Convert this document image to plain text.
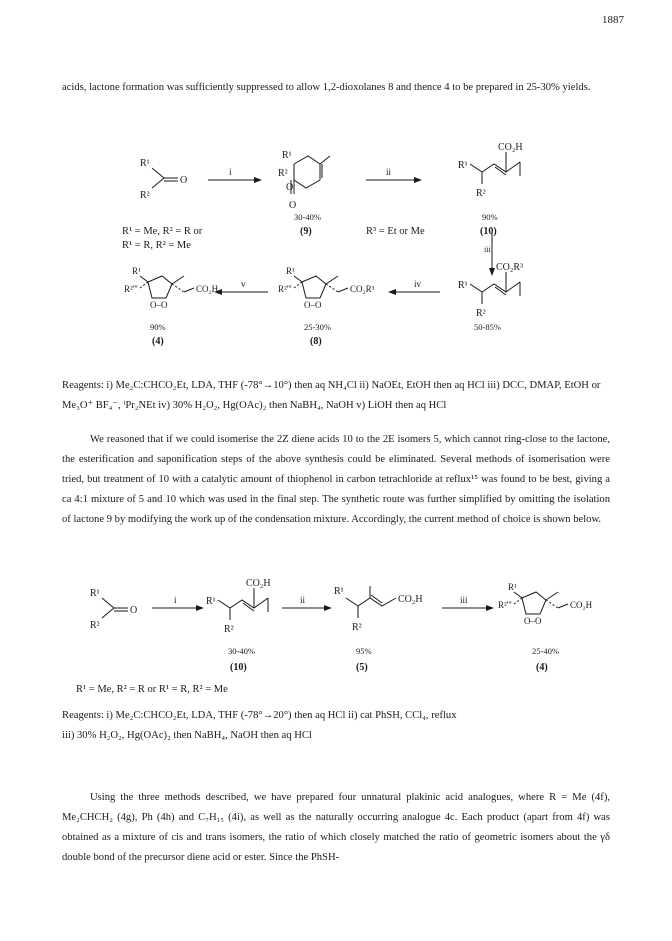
1887

acids, lactone formation was sufficiently suppressed to allow 1,2-dioxolanes 8 and thence 4 to be prepared in 25-30% yields.

R¹
R²
O
R¹
R²
O
O
R¹
R²
CO₂H
R¹
R²
CO₂R³
R¹
R²'''
O–O
CO₂R³
R¹
R²'''
O–O
CO₂H
i	ii
iii
iv
v
30-40%
(9)
90%
(10)
50-85%
25-30%
(8)
90%
(4)
R¹ = Me, R² = R or
R¹ = R, R² = Me
R³ = Et or Me

Reagents: i) Me₂C:CHCO₂Et, LDA, THF (-78°→10°) then aq NH₄Cl ii) NaOEt, EtOH then aq HCl iii) DCC, DMAP, EtOH or Me₃O⁺ BF₄⁻, ⁱPr₂NEt iv) 30% H₂O₂, Hg(OAc)₂ then NaBH₄, NaOH v) LiOH then aq HCl

We reasoned that if we could isomerise the 2Z diene acids 10 to the 2E isomers 5, which cannot ring-close to the lactone, the esterification and saponification steps of the above synthesis could be eliminated. Several methods of isomerisation were tried, but treatment of 10 with a catalytic amount of thiophenol in carbon tetrachloride at reflux¹⁵ was found to be best, giving a ca 4:1 mixture of 5 and 10 which was used in the final step. The synthetic route was further simplified by omitting the isolation of lactone 9 by modifying the work up of the condensation mixture. Accordingly, the current method of choice is shown below.

R¹
R²
O
R¹
R²
CO₂H
R¹
R²
CO₂H
R¹
R²'''
O–O
CO₂H
i	ii	iii
30-40%
(10)
95%
(5)
25-40%
(4)
R¹ = Me, R² = R or R¹ = R, R² = Me

Reagents: i) Me₂C:CHCO₂Et, LDA, THF (-78°→20°) then aq HCl ii) cat PhSH, CCl₄, reflux

iii) 30% H₂O₂, Hg(OAc)₂ then NaBH₄, NaOH then aq HCl

Using the three methods described, we have prepared four unnatural plakinic acid analogues, where R = Me (4f), Me₂CHCH₂ (4g), Ph (4h) and C₇H₁₅ (4i), as well as the naturally occurring analogue 4c. Each product (apart from 4f) was obtained as a mixture of cis and trans isomers, the ratio of which closely matched the ratio of geometric isomers about the γδ double bond of the precursor diene acid or ester. Since the PhSH-
